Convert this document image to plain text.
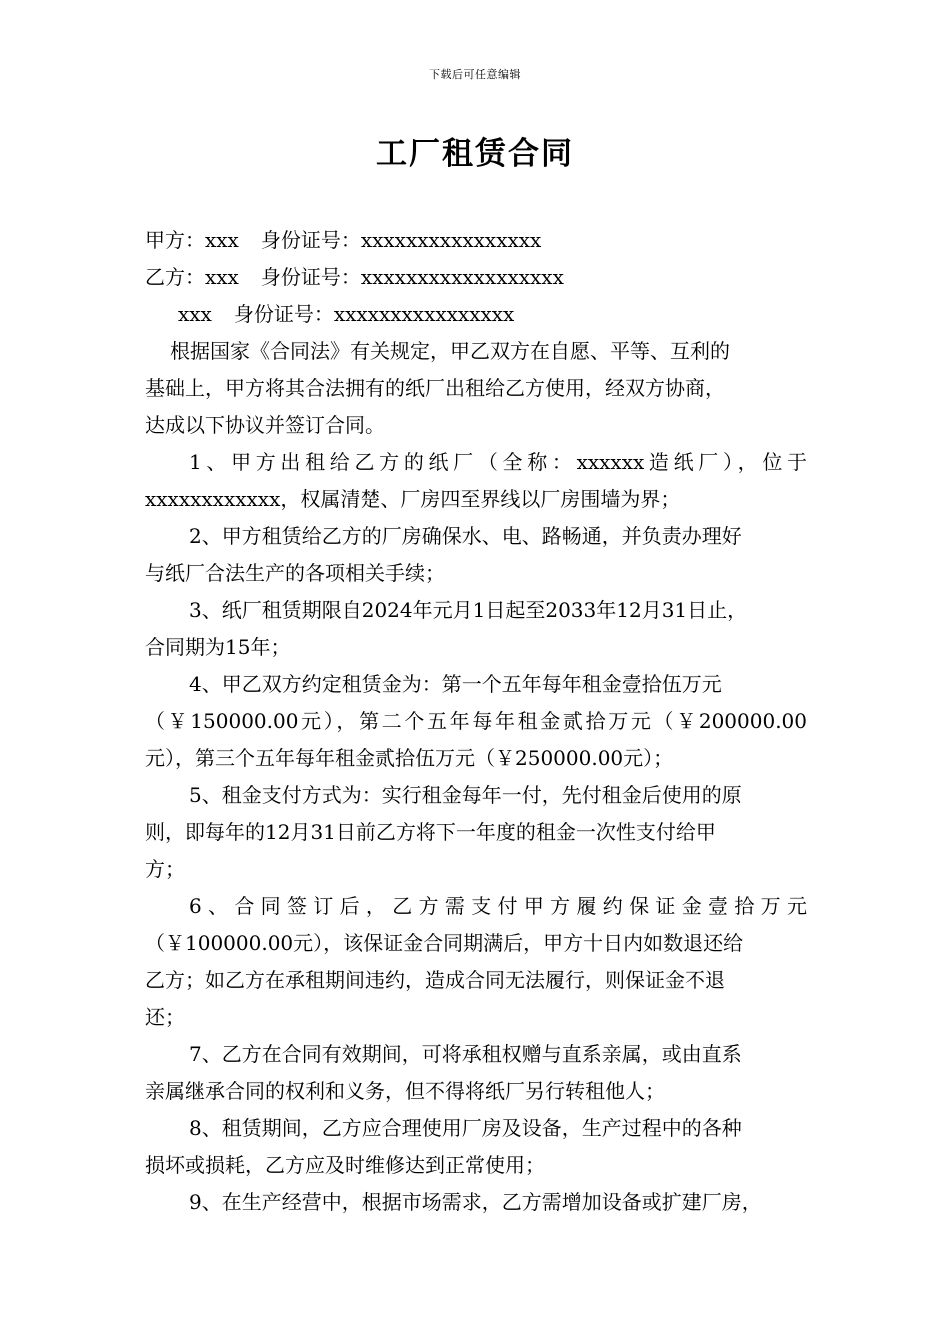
下载后可任意编辑
工厂租赁合同
甲方：xxx 身份证号：xxxxxxxxxxxxxxxx
乙方：xxx 身份证号：xxxxxxxxxxxxxxxxxx
xxx 身份证号：xxxxxxxxxxxxxxxx
根据国家《合同法》有关规定，甲乙双方在自愿、平等、互利的
基础上，甲方将其合法拥有的纸厂出租给乙方使用，经双方协商，
达成以下协议并签订合同。
1、甲方出租给乙方的纸厂（全称：xxxxxx造纸厂），位于
xxxxxxxxxxxx，权属清楚、厂房四至界线以厂房围墙为界；
2、甲方租赁给乙方的厂房确保水、电、路畅通，并负责办理好
与纸厂合法生产的各项相关手续；
3、纸厂租赁期限自2024年元月1日起至2033年12月31日止，
合同期为15年；
4、甲乙双方约定租赁金为：第一个五年每年租金壹拾伍万元
（￥150000.00元），第二个五年每年租金贰拾万元（￥200000.00
元），第三个五年每年租金贰拾伍万元（￥250000.00元）；
5、租金支付方式为：实行租金每年一付，先付租金后使用的原
则，即每年的12月31日前乙方将下一年度的租金一次性支付给甲
方；
6、合同签订后，乙方需支付甲方履约保证金壹拾万元
（￥100000.00元），该保证金合同期满后，甲方十日内如数退还给
乙方；如乙方在承租期间违约，造成合同无法履行，则保证金不退
还；
7、乙方在合同有效期间，可将承租权赠与直系亲属，或由直系
亲属继承合同的权利和义务，但不得将纸厂另行转租他人；
8、租赁期间，乙方应合理使用厂房及设备，生产过程中的各种
损坏或损耗，乙方应及时维修达到正常使用；
9、在生产经营中，根据市场需求，乙方需增加设备或扩建厂房，
